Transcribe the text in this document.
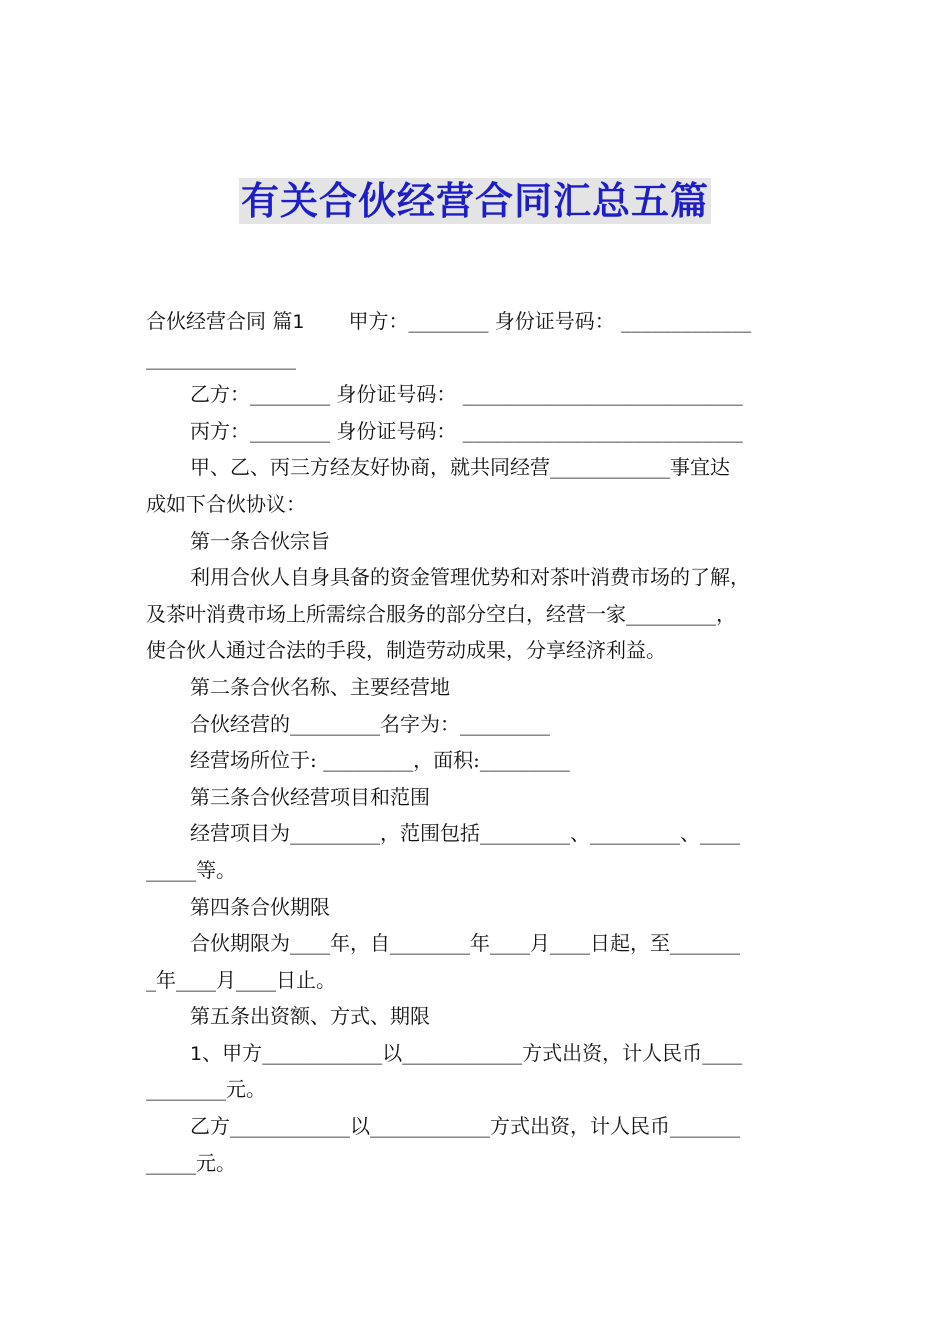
有关合伙经营合同汇总五篇
合伙经营合同 篇1 甲方：________ 身份证号码： _____________
_______________
乙方：________ 身份证号码： ____________________________
丙方：________ 身份证号码： ____________________________
甲、乙、丙三方经友好协商，就共同经营____________事宜达
成如下合伙协议：
第一条合伙宗旨
利用合伙人自身具备的资金管理优势和对茶叶消费市场的了解，
及茶叶消费市场上所需综合服务的部分空白，经营一家_________，
使合伙人通过合法的手段，制造劳动成果，分享经济利益。
第二条合伙名称、主要经营地
合伙经营的_________名字为：_________
经营场所位于: _________，面积:_________
第三条合伙经营项目和范围
经营项目为_________，范围包括_________、_________、____
_____等。
第四条合伙期限
合伙期限为____年，自________年____月____日起，至_______
_年____月____日止。
第五条出资额、方式、期限
1、甲方____________以____________方式出资，计人民币____
________元。
乙方____________以____________方式出资，计人民币_______
_____元。
